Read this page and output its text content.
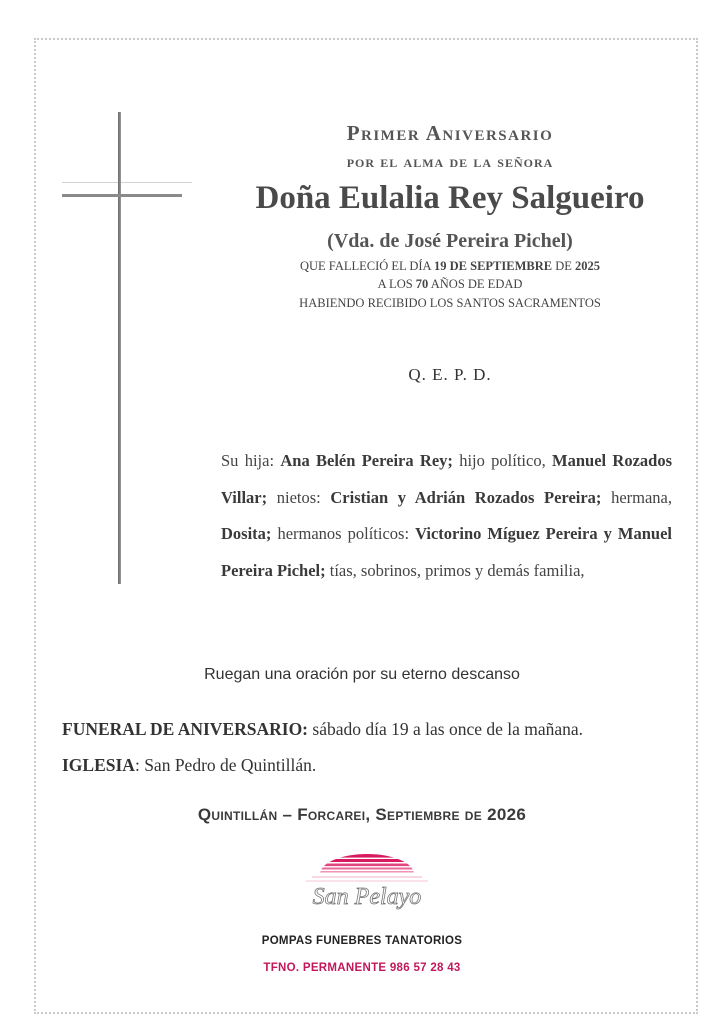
Primer Aniversario
por el alma de la señora
Doña Eulalia Rey Salgueiro
(Vda. de José Pereira Pichel)
QUE FALLECIÓ EL DÍA 19 DE SEPTIEMBRE DE 2025
A LOS 70 AÑOS DE EDAD
HABIENDO RECIBIDO LOS SANTOS SACRAMENTOS
Q. E. P. D.
Su hija: Ana Belén Pereira Rey; hijo político, Manuel Rozados Villar; nietos: Cristian y Adrián Rozados Pereira; hermana, Dosita; hermanos políticos: Victorino Míguez Pereira y Manuel Pereira Pichel; tías, sobrinos, primos y demás familia,
Ruegan una oración por su eterno descanso
FUNERAL DE ANIVERSARIO: sábado día 19 a las once de la mañana.
IGLESIA: San Pedro de Quintillán.
Quintillán – Forcarei, Septiembre de 2026
San Pelayo
POMPAS FUNEBRES TANATORIOS
TFNO. PERMANENTE 986 57 28 43
